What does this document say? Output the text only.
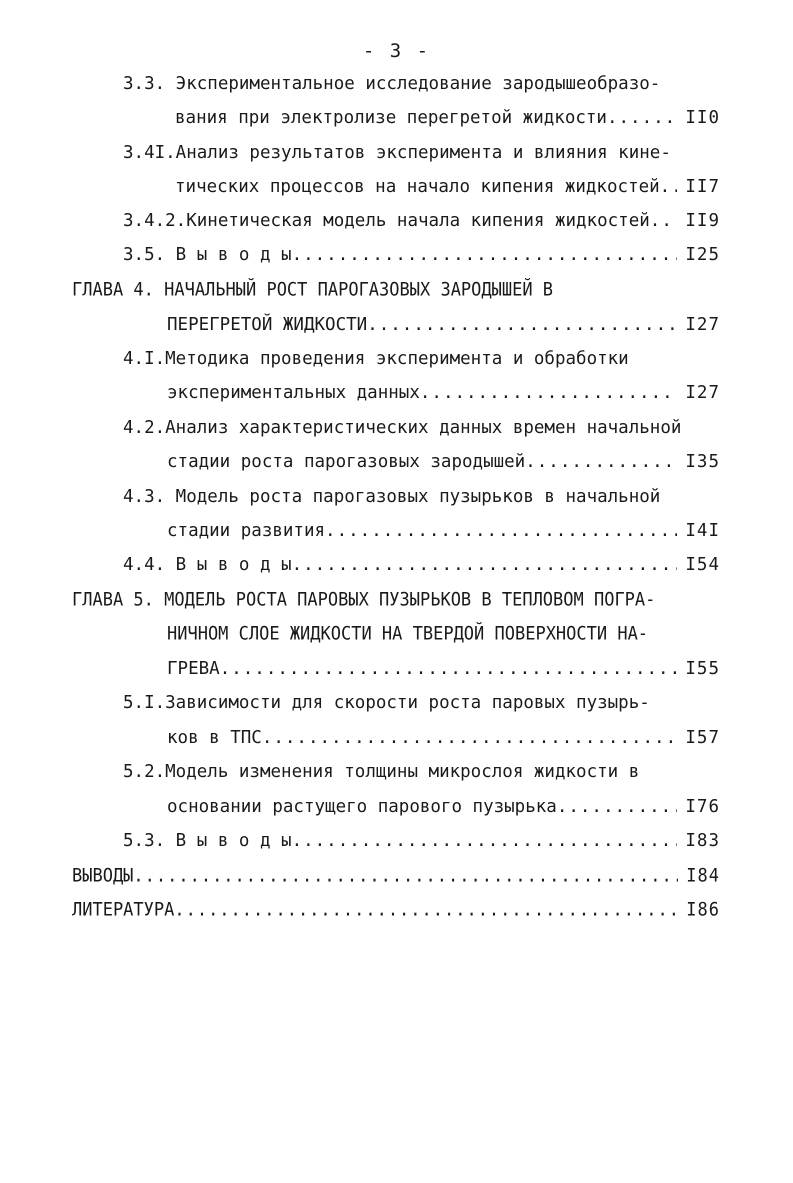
- 3 -
3.3. Экспериментальное исследование зародышеобразо-
вания при электролизе перегретой жидкости .....	II0
3.4I.Анализ результатов эксперимента и влияния кине-
тических процессов на начало кипения жидкостей .....	II7
3.4.2.Кинетическая модель начала кипения жидкостей .....	II9
3.5. В ы в о д ы .....	I25
ГЛАВА 4. НАЧАЛЬНЫЙ РОСТ ПАРОГАЗОВЫХ ЗАРОДЫШЕЙ В
ПЕРЕГРЕТОЙ ЖИДКОСТИ .....	I27
4.I.Методика проведения эксперимента и обработки
экспериментальных данных .....	I27
4.2.Анализ характеристических данных времен начальной
стадии роста парогазовых зародышей .....	I35
4.3. Модель роста парогазовых пузырьков в начальной
стадии развития .....	I4I
4.4. В ы в о д ы .....	I54
ГЛАВА 5. МОДЕЛЬ РОСТА ПАРОВЫХ ПУЗЫРЬКОВ В ТЕПЛОВОМ ПОГРА-
НИЧНОМ СЛОЕ ЖИДКОСТИ НА ТВЕРДОЙ ПОВЕРХНОСТИ НА-
ГРЕВА .....	I55
5.I.Зависимости для скорости роста паровых пузырь-
ков в ТПС .....	I57
5.2.Модель изменения толщины микрослоя жидкости в
основании растущего парового пузырька .....	I76
5.3. В ы в о д ы .....	I83
ВЫВОДЫ .....	I84
ЛИТЕРАТУРА .....	I86
